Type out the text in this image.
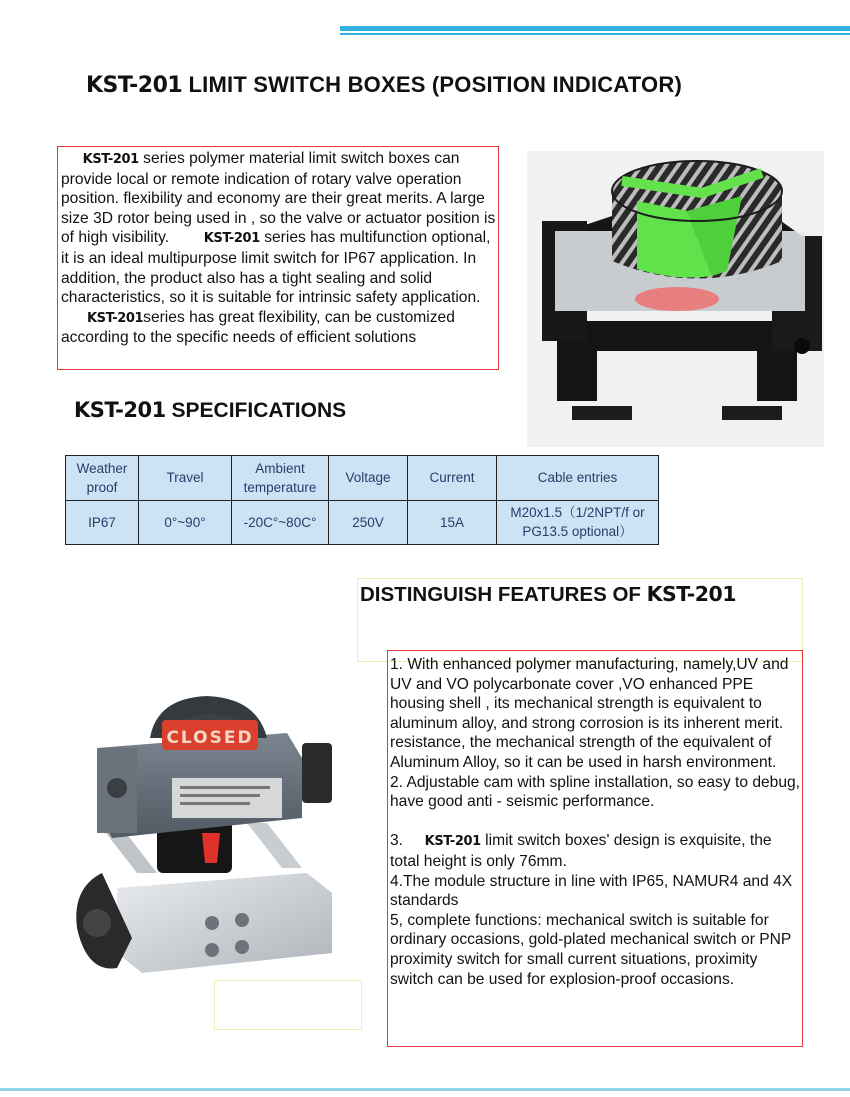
KST-201 LIMIT SWITCH BOXES (POSITION INDICATOR)

KST-201 series polymer material limit switch boxes can provide local or remote indication of rotary valve operation position. flexibility and economy are their great merits. A large size 3D rotor being used in , so the valve or actuator position is of high visibility.	KST-201 series has multifunction optional, it is an ideal multipurpose limit switch for IP67 application. In addition, the product also has a tight sealing and solid characteristics, so it is suitable for intrinsic safety application.

KST-201series has great flexibility, can be customized according to the specific needs of efficient solutions

KST-201 SPECIFICATIONS
Weather proof	Travel	Ambient temperature	Voltage	Current	Cable entries
IP67	0°~90°	-20C°~80C°	250V	15A	M20x1.5（1/2NPT/f or PG13.5 optional）
DISTINGUISH FEATURES OF KST-201

1. With enhanced polymer manufacturing, namely,UV and UV and VO polycarbonate cover ,VO enhanced PPE housing shell , its mechanical strength is equivalent to aluminum alloy, and strong corrosion is its inherent merit. resistance, the mechanical strength of the equivalent of Aluminum Alloy, so it can be used in harsh environment.

2. Adjustable cam with spline installation, so easy to debug, have good anti - seismic performance.

3.     KST-201 limit switch boxes' design is exquisite, the total height is only 76mm.

4.The module structure in line with IP65, NAMUR4 and 4X standards

5, complete functions: mechanical switch is suitable for ordinary occasions, gold-plated mechanical switch or PNP proximity switch for small current situations, proximity switch can be used for explosion-proof occasions.

CLOSED
